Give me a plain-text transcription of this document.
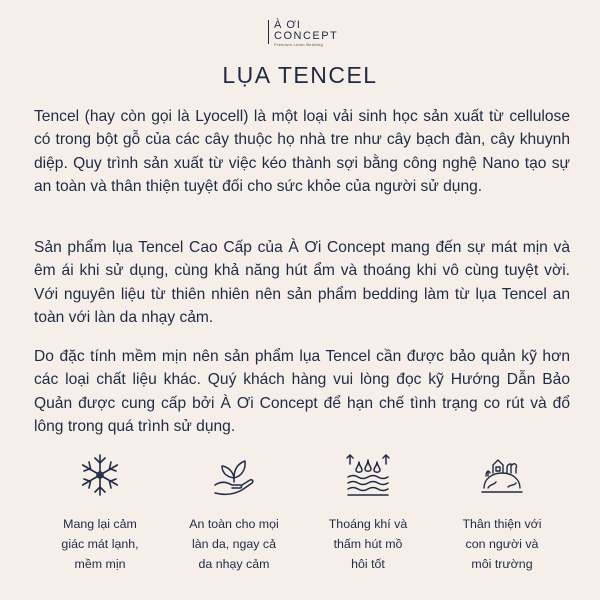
À ƠI
CONCEPT
Premium Linen Bedding
LỤA TENCEL

Tencel (hay còn gọi là Lyocell) là một loại vải sinh học sản xuất từ cellulose có trong bột gỗ của các cây thuộc họ nhà tre như cây bạch đàn, cây khuynh diệp. Quy trình sản xuất từ việc kéo thành sợi bằng công nghệ Nano tạo sự an toàn và thân thiện tuyệt đối cho sức khỏe của người sử dụng.

Sản phẩm lụa Tencel Cao Cấp của À Ơi Concept mang đến sự mát mịn và êm ái khi sử dụng, cùng khả năng hút ẩm và thoáng khi vô cùng tuyệt vời. Với nguyên liệu từ thiên nhiên nên sản phẩm bedding làm từ lụa Tencel an toàn với làn da nhạy cảm.

Do đặc tính mềm mịn nên sản phẩm lụa Tencel cần được bảo quản kỹ hơn các loại chất liệu khác. Quý khách hàng vui lòng đọc kỹ Hướng Dẫn Bảo Quản được cung cấp bởi À Ơi Concept để hạn chế tình trạng co rút và đổ lông trong quá trình sử dụng.

Mang lại cảm
giác mát lạnh,
mềm mịn
An toàn cho mọi
làn da, ngay cả
da nhạy cảm
Thoáng khí và
thấm hút mồ
hôi tốt
Thân thiện với
con người và
môi trường
